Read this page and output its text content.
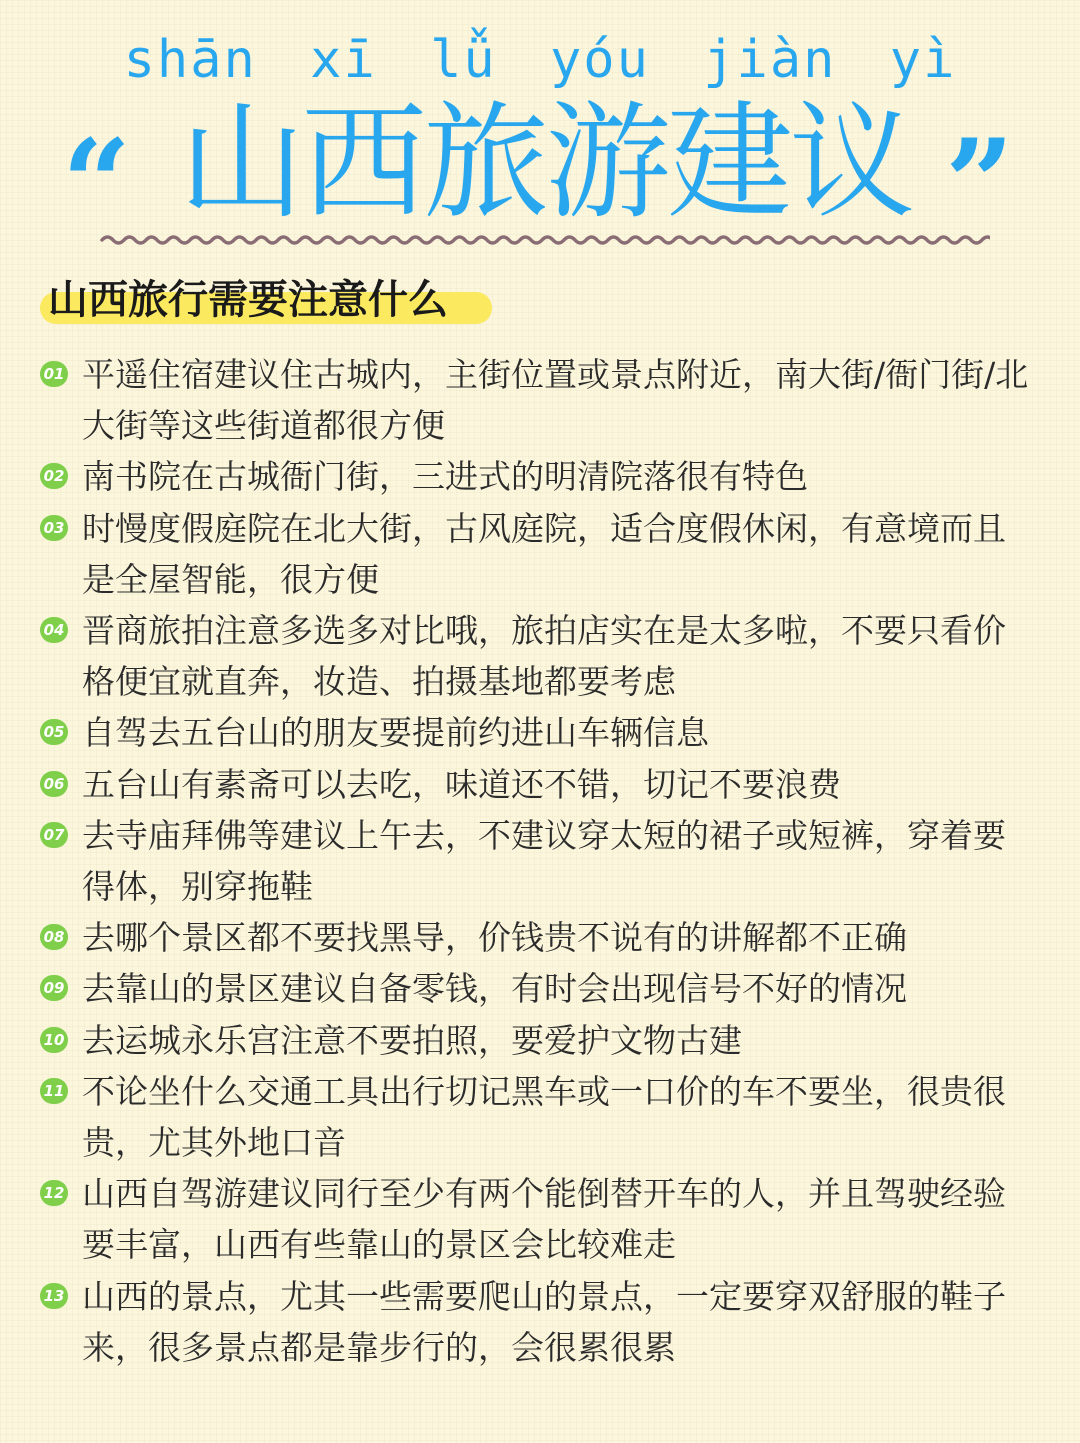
shān xī lǚ yóu jiàn yì
“ 山西旅游建议 ”
山西旅行需要注意什么
01 平遥住宿建议住古城内，主街位置或景点附近，南大街/衙门街/北大街等这些街道都很方便
02 南书院在古城衙门街，三进式的明清院落很有特色
03 时慢度假庭院在北大街，古风庭院，适合度假休闲，有意境而且是全屋智能，很方便
04 晋商旅拍注意多选多对比哦，旅拍店实在是太多啦，不要只看价格便宜就直奔，妆造、拍摄基地都要考虑
05 自驾去五台山的朋友要提前约进山车辆信息
06 五台山有素斋可以去吃，味道还不错，切记不要浪费
07 去寺庙拜佛等建议上午去，不建议穿太短的裙子或短裤，穿着要得体，别穿拖鞋
08 去哪个景区都不要找黑导，价钱贵不说有的讲解都不正确
09 去靠山的景区建议自备零钱，有时会出现信号不好的情况
10 去运城永乐宫注意不要拍照，要爱护文物古建
11 不论坐什么交通工具出行切记黑车或一口价的车不要坐，很贵很贵，尤其外地口音
12 山西自驾游建议同行至少有两个能倒替开车的人，并且驾驶经验要丰富，山西有些靠山的景区会比较难走
13 山西的景点，尤其一些需要爬山的景点，一定要穿双舒服的鞋子来，很多景点都是靠步行的，会很累很累
